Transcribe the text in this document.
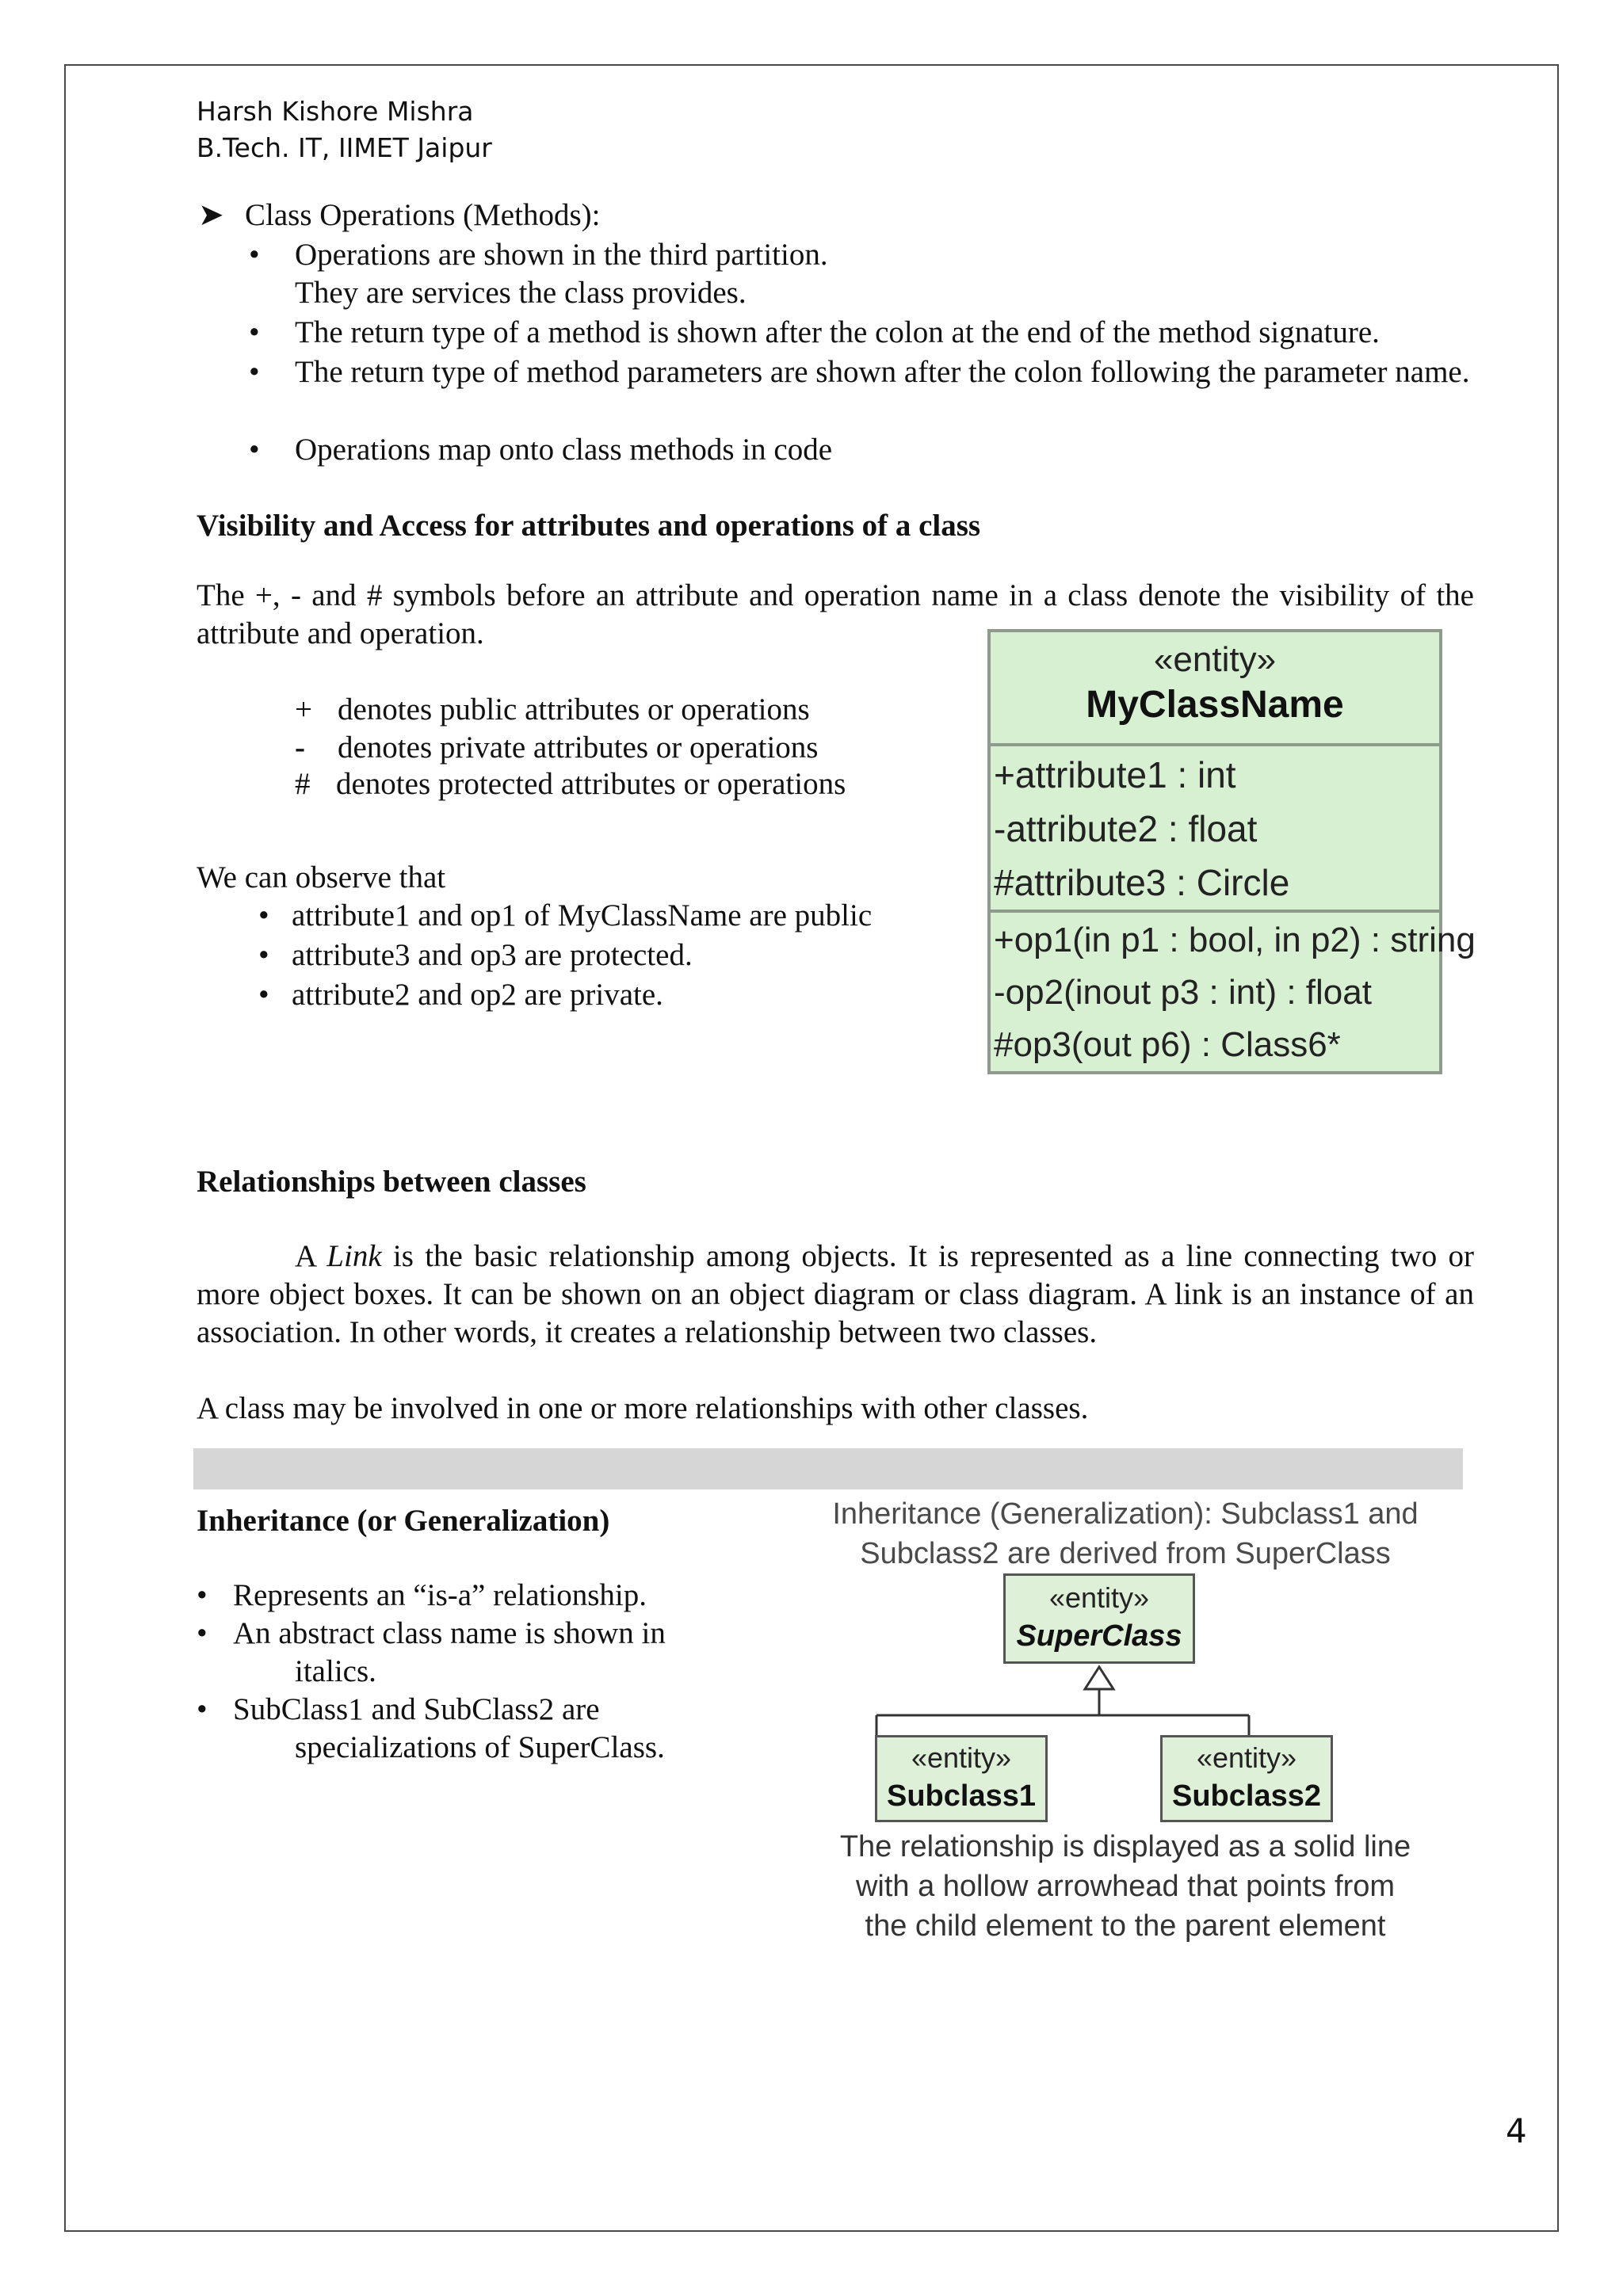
Harsh Kishore Mishra
B.Tech. IT, IIMET Jaipur
➤ Class Operations (Methods):
• Operations are shown in the third partition.
They are services the class provides.
• The return type of a method is shown after the colon at the end of the method signature.
• The return type of method parameters are shown after the colon following the parameter name.
• Operations map onto class methods in code
Visibility and Access for attributes and operations of a class
The +, - and # symbols before an attribute and operation name in a class denote the visibility of the attribute and operation.
+ denotes public attributes or operations
-	denotes private attributes or operations
# denotes protected attributes or operations
We can observe that
• attribute1 and op1 of MyClassName are public
• attribute3 and op3 are protected.
• attribute2 and op2 are private.
«entity»
MyClassName
+attribute1 : int
-attribute2 : float
#attribute3 : Circle
+op1(in p1 : bool, in p2) : string
-op2(inout p3 : int) : float
#op3(out p6) : Class6*
Relationships between classes
A Link is the basic relationship among objects. It is represented as a line connecting two or more object boxes. It can be shown on an object diagram or class diagram. A link is an instance of an association. In other words, it creates a relationship between two classes.
A class may be involved in one or more relationships with other classes.
Inheritance (or Generalization)
• Represents an “is-a” relationship.
• An abstract class name is shown in
italics.
• SubClass1 and SubClass2 are
specializations of SuperClass.
Inheritance (Generalization): Subclass1 and
Subclass2 are derived from SuperClass
«entity»
SuperClass
«entity»
Subclass1
«entity»
Subclass2
The relationship is displayed as a solid line
with a hollow arrowhead that points from
the child element to the parent element
4
